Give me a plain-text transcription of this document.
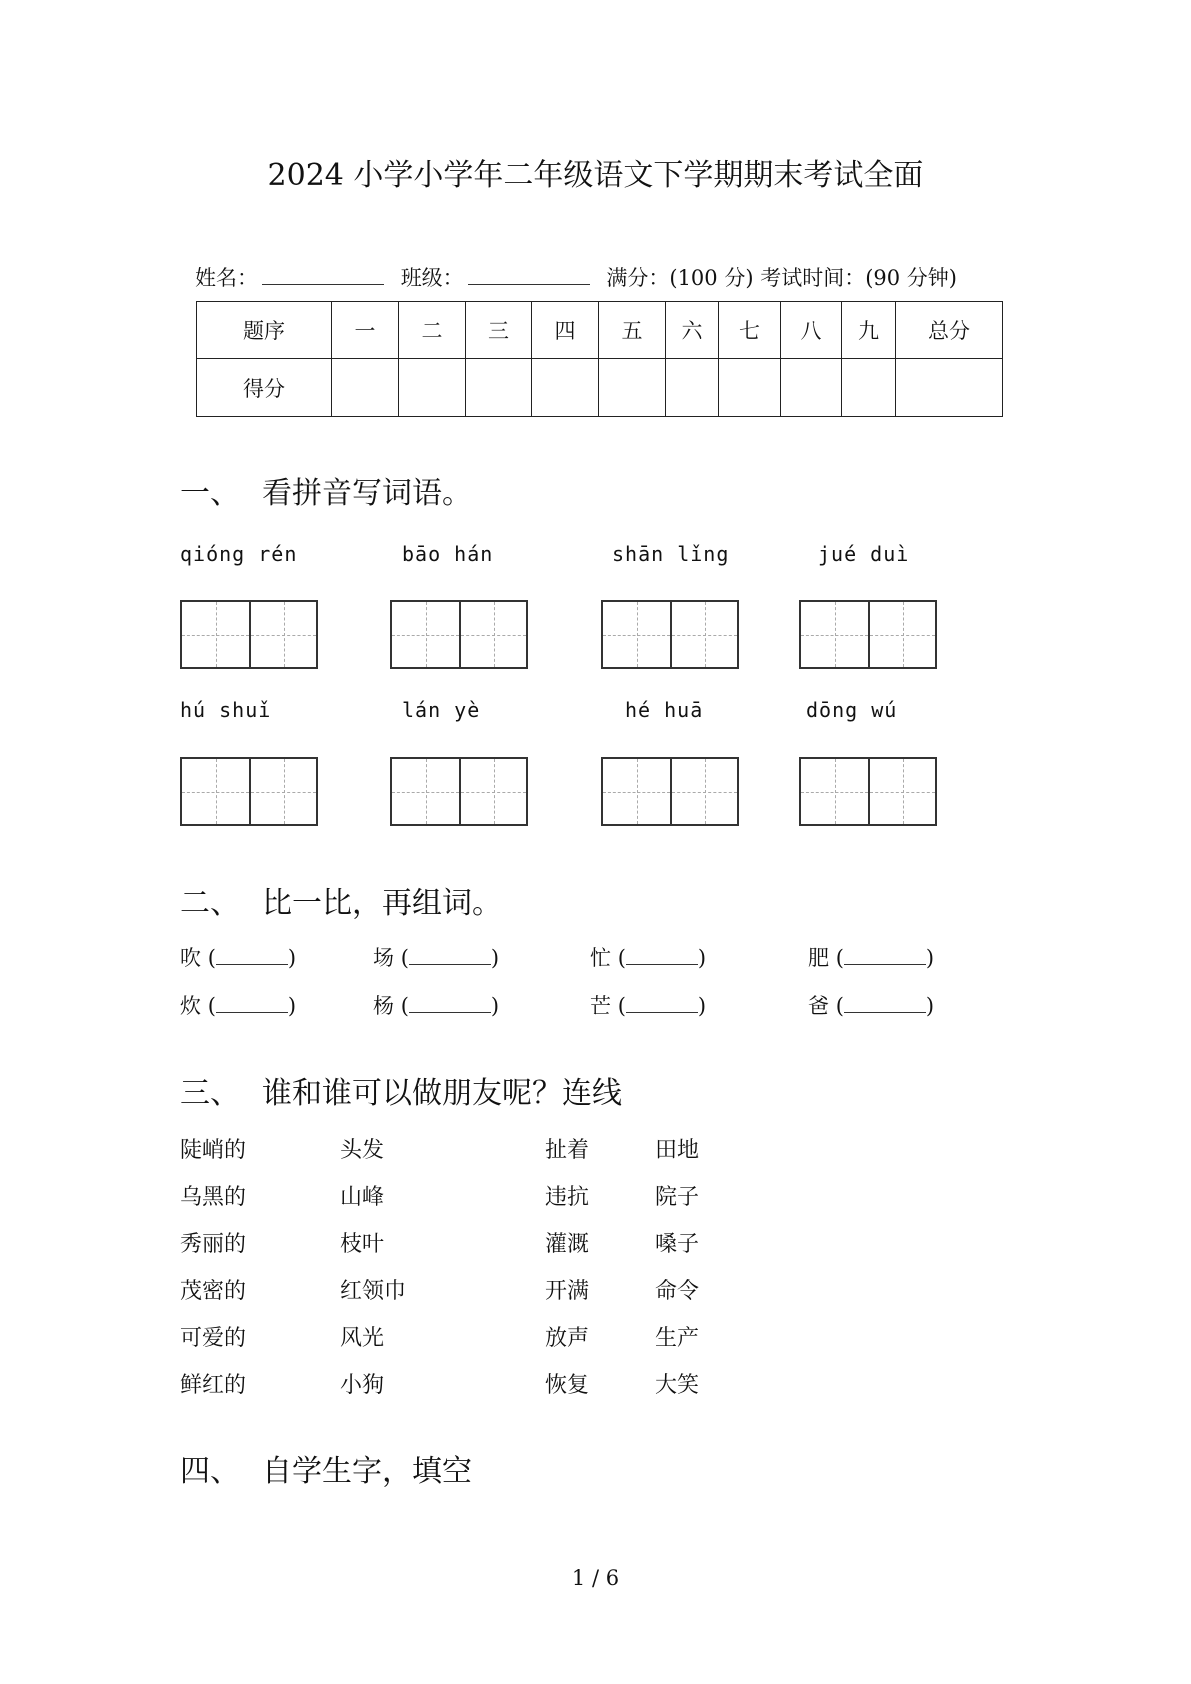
2024 小学小学年二年级语文下学期期末考试全面
姓名：	班级：	满分：(100 分) 考试时间：(90 分钟)
题序	一	二	三	四	五	六	七	八	九	总分
得分										
一、 看拼音写词语。
qióng rén	bāo hán	shān lǐng	jué duì
hú shuǐ	lán yè	hé huā	dōng wú
二、 比一比，再组词。
吹 (	)	场 (	)	忙 (	)	肥 (	)
炊 (	)	杨 (	)	芒 (	)	爸 (	)
三、 谁和谁可以做朋友呢？连线
陡峭的	头发	扯着	田地
乌黑的	山峰	违抗	院子
秀丽的	枝叶	灌溉	嗓子
茂密的	红领巾	开满	命令
可爱的	风光	放声	生产
鲜红的	小狗	恢复	大笑
四、 自学生字，填空
1 / 6
